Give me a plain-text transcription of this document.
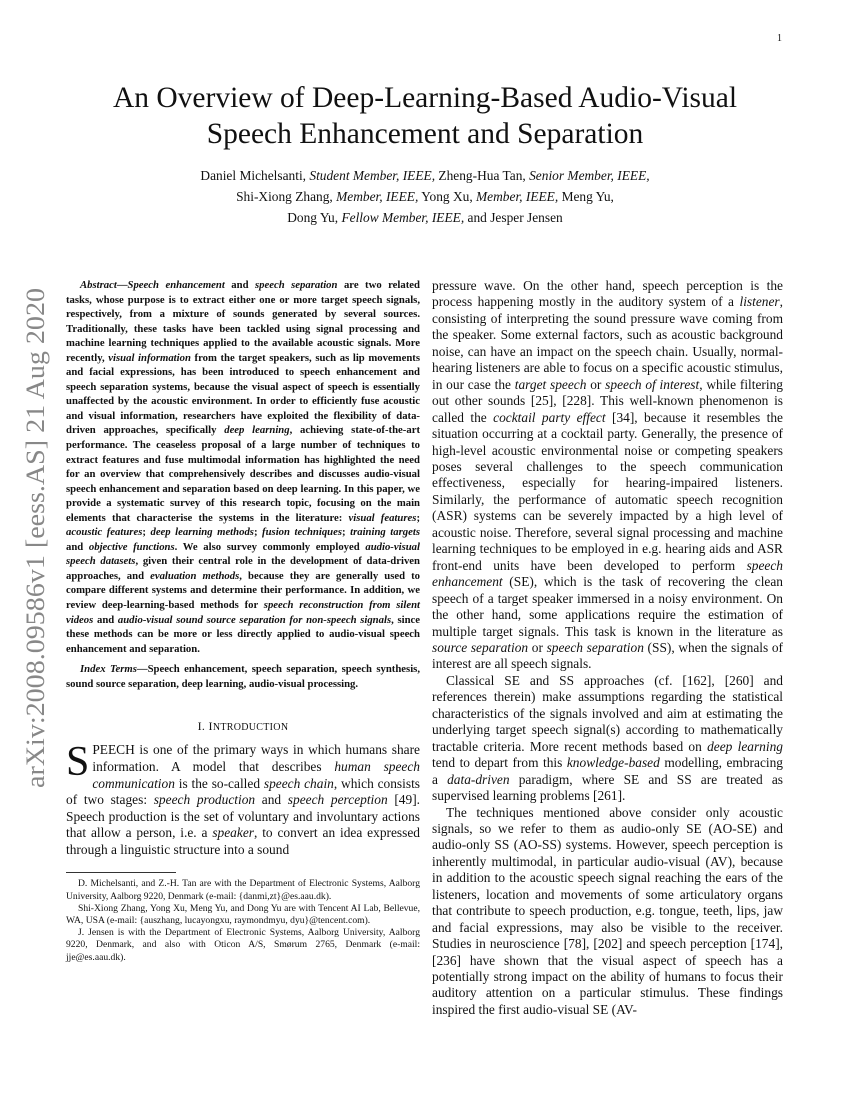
1
arXiv:2008.09586v1 [eess.AS] 21 Aug 2020
An Overview of Deep-Learning-Based Audio-Visual
Speech Enhancement and Separation
Daniel Michelsanti, Student Member, IEEE, Zheng-Hua Tan, Senior Member, IEEE,
Shi-Xiong Zhang, Member, IEEE, Yong Xu, Member, IEEE, Meng Yu,
Dong Yu, Fellow Member, IEEE, and Jesper Jensen

Abstract—Speech enhancement and speech separation are two related tasks, whose purpose is to extract either one or more target speech signals, respectively, from a mixture of sounds generated by several sources. Traditionally, these tasks have been tackled using signal processing and machine learning techniques applied to the available acoustic signals. More recently, visual information from the target speakers, such as lip movements and facial expressions, has been introduced to speech enhancement and speech separation systems, because the visual aspect of speech is essentially unaffected by the acoustic environment. In order to efficiently fuse acoustic and visual information, researchers have exploited the flexibility of data-driven approaches, specifically deep learning, achieving state-of-the-art performance. The ceaseless proposal of a large number of techniques to extract features and fuse multimodal information has highlighted the need for an overview that comprehensively describes and discusses audio-visual speech enhancement and separation based on deep learning. In this paper, we provide a systematic survey of this research topic, focusing on the main elements that characterise the systems in the literature: visual features; acoustic features; deep learning methods; fusion techniques; training targets and objective functions. We also survey commonly employed audio-visual speech datasets, given their central role in the development of data-driven approaches, and evaluation methods, because they are generally used to compare different systems and determine their performance. In addition, we review deep-learning-based methods for speech reconstruction from silent videos and audio-visual sound source separation for non-speech signals, since these methods can be more or less directly applied to audio-visual speech enhancement and separation.

Index Terms—Speech enhancement, speech separation, speech synthesis, sound source separation, deep learning, audio-visual processing.

I. INTRODUCTION

SPEECH is one of the primary ways in which humans share information. A model that describes human speech communication is the so-called speech chain, which consists of two stages: speech production and speech perception [49]. Speech production is the set of voluntary and involuntary actions that allow a person, i.e. a speaker, to convert an idea expressed through a linguistic structure into a sound

D. Michelsanti, and Z.-H. Tan are with the Department of Electronic Systems, Aalborg University, Aalborg 9220, Denmark (e-mail: {danmi,zt}@es.aau.dk).

Shi-Xiong Zhang, Yong Xu, Meng Yu, and Dong Yu are with Tencent AI Lab, Bellevue, WA, USA (e-mail: {auszhang, lucayongxu, raymondmyu, dyu}@tencent.com).

J. Jensen is with the Department of Electronic Systems, Aalborg University, Aalborg 9220, Denmark, and also with Oticon A/S, Smørum 2765, Denmark (e-mail: jje@es.aau.dk).

pressure wave. On the other hand, speech perception is the process happening mostly in the auditory system of a listener, consisting of interpreting the sound pressure wave coming from the speaker. Some external factors, such as acoustic background noise, can have an impact on the speech chain. Usually, normal-hearing listeners are able to focus on a specific acoustic stimulus, in our case the target speech or speech of interest, while filtering out other sounds [25], [228]. This well-known phenomenon is called the cocktail party effect [34], because it resembles the situation occurring at a cocktail party. Generally, the presence of high-level acoustic environmental noise or competing speakers poses several challenges to the speech communication effectiveness, especially for hearing-impaired listeners. Similarly, the performance of automatic speech recognition (ASR) systems can be severely impacted by a high level of acoustic noise. Therefore, several signal processing and machine learning techniques to be employed in e.g. hearing aids and ASR front-end units have been developed to perform speech enhancement (SE), which is the task of recovering the clean speech of a target speaker immersed in a noisy environment. On the other hand, some applications require the estimation of multiple target signals. This task is known in the literature as source separation or speech separation (SS), when the signals of interest are all speech signals.

Classical SE and SS approaches (cf. [162], [260] and references therein) make assumptions regarding the statistical characteristics of the signals involved and aim at estimating the underlying target speech signal(s) according to mathematically tractable criteria. More recent methods based on deep learning tend to depart from this knowledge-based modelling, embracing a data-driven paradigm, where SE and SS are treated as supervised learning problems [261].

The techniques mentioned above consider only acoustic signals, so we refer to them as audio-only SE (AO-SE) and audio-only SS (AO-SS) systems. However, speech perception is inherently multimodal, in particular audio-visual (AV), because in addition to the acoustic speech signal reaching the ears of the listeners, location and movements of some articulatory organs that contribute to speech production, e.g. tongue, teeth, lips, jaw and facial expressions, may also be visible to the receiver. Studies in neuroscience [78], [202] and speech perception [174], [236] have shown that the visual aspect of speech has a potentially strong impact on the ability of humans to focus their auditory attention on a particular stimulus. These findings inspired the first audio-visual SE (AV-
